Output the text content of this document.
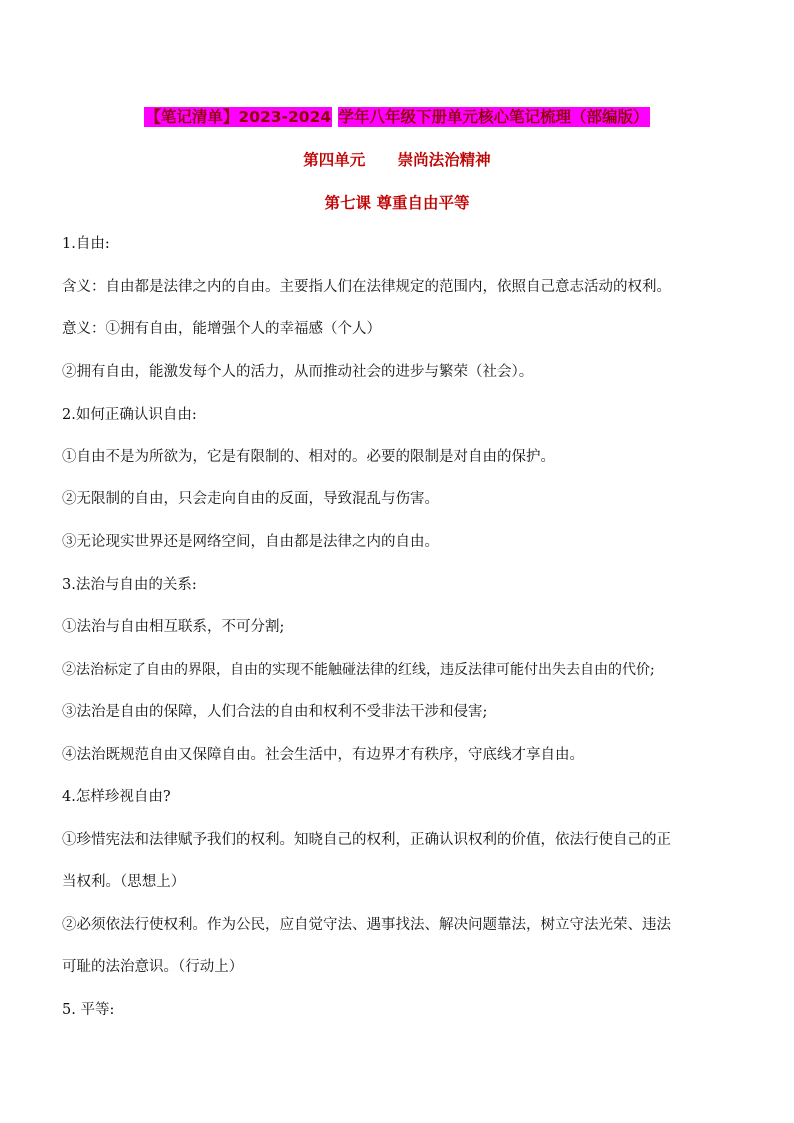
【笔记清单】2023-2024 学年八年级下册单元核心笔记梳理（部编版）
第四单元      崇尚法治精神
第七课 尊重自由平等
1.自由:
含义：自由都是法律之内的自由。主要指人们在法律规定的范围内，依照自己意志活动的权利。
意义：①拥有自由，能增强个人的幸福感（个人）
②拥有自由，能激发每个人的活力，从而推动社会的进步与繁荣（社会）。
2.如何正确认识自由:
①自由不是为所欲为，它是有限制的、相对的。必要的限制是对自由的保护。
②无限制的自由，只会走向自由的反面，导致混乱与伤害。
③无论现实世界还是网络空间，自由都是法律之内的自由。
3.法治与自由的关系:
①法治与自由相互联系，不可分割;
②法治标定了自由的界限，自由的实现不能触碰法律的红线，违反法律可能付出失去自由的代价;
③法治是自由的保障，人们合法的自由和权利不受非法干涉和侵害;
④法治既规范自由又保障自由。社会生活中，有边界才有秩序，守底线才享自由。
4.怎样珍视自由?
①珍惜宪法和法律赋予我们的权利。知晓自己的权利，正确认识权利的价值，依法行使自己的正
当权利。（思想上）
②必须依法行使权利。作为公民，应自觉守法、遇事找法、解决问题靠法，树立守法光荣、违法
可耻的法治意识。（行动上）
5. 平等:
